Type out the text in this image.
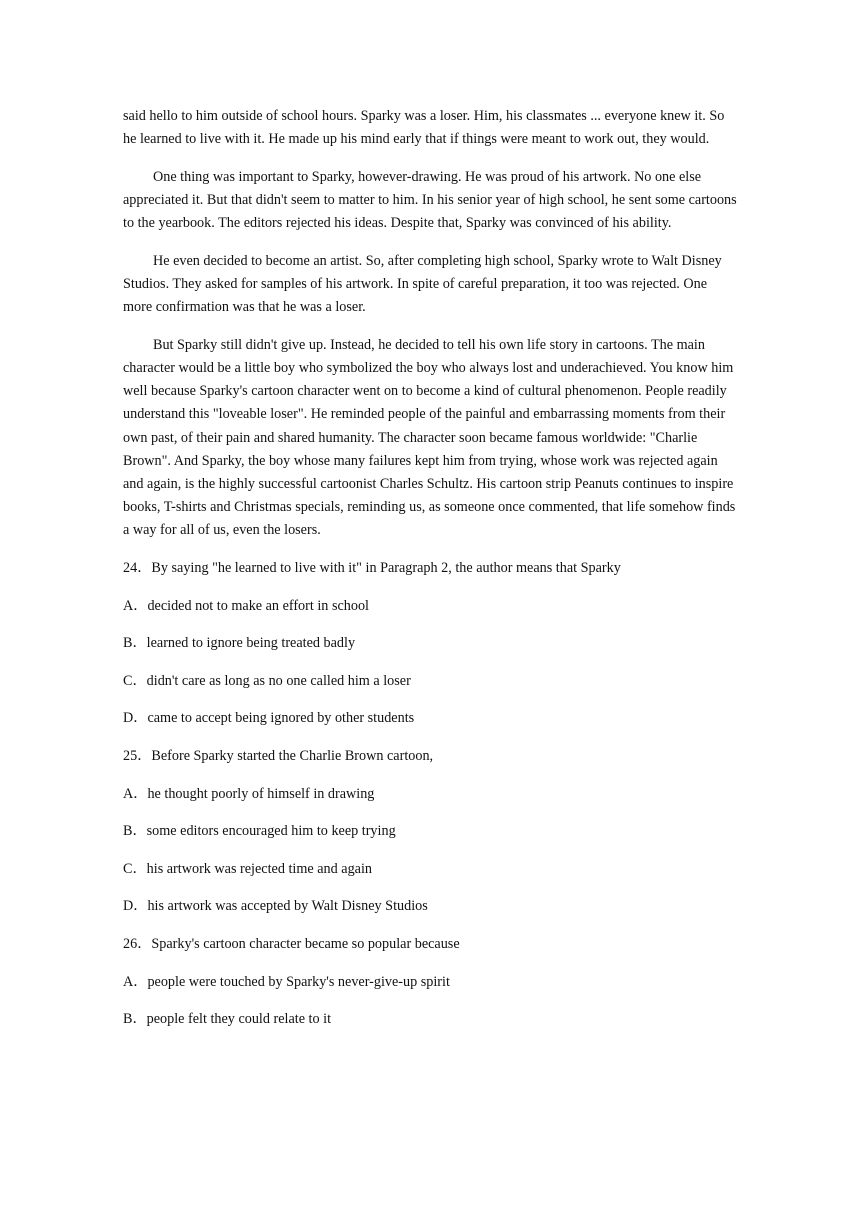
said hello to him outside of school hours. Sparky was a loser. Him, his classmates ... everyone knew it. So he learned to live with it. He made up his mind early that if things were meant to work out, they would.

One thing was important to Sparky, however-drawing. He was proud of his artwork. No one else appreciated it. But that didn't seem to matter to him. In his senior year of high school, he sent some cartoons to the yearbook. The editors rejected his ideas. Despite that, Sparky was convinced of his ability.

He even decided to become an artist. So, after completing high school, Sparky wrote to Walt Disney Studios. They asked for samples of his artwork. In spite of careful preparation, it too was rejected. One more confirmation was that he was a loser.

But Sparky still didn't give up. Instead, he decided to tell his own life story in cartoons. The main character would be a little boy who symbolized the boy who always lost and underachieved. You know him well because Sparky's cartoon character went on to become a kind of cultural phenomenon. People readily understand this "loveable loser". He reminded people of the painful and embarrassing moments from their own past, of their pain and shared humanity. The character soon became famous worldwide: "Charlie Brown". And Sparky, the boy whose many failures kept him from trying, whose work was rejected again and again, is the highly successful cartoonist Charles Schultz. His cartoon strip Peanuts continues to inspire books, T-shirts and Christmas specials, reminding us, as someone once commented, that life somehow finds a way for all of us, even the losers.

24．By saying "he learned to live with it" in Paragraph 2, the author means that Sparky
A．decided not to make an effort in school
B．learned to ignore being treated badly
C．didn't care as long as no one called him a loser
D．came to accept being ignored by other students
25．Before Sparky started the Charlie Brown cartoon,
A．he thought poorly of himself in drawing
B．some editors encouraged him to keep trying
C．his artwork was rejected time and again
D．his artwork was accepted by Walt Disney Studios
26．Sparky's cartoon character became so popular because
A．people were touched by Sparky's never-give-up spirit
B．people felt they could relate to it
